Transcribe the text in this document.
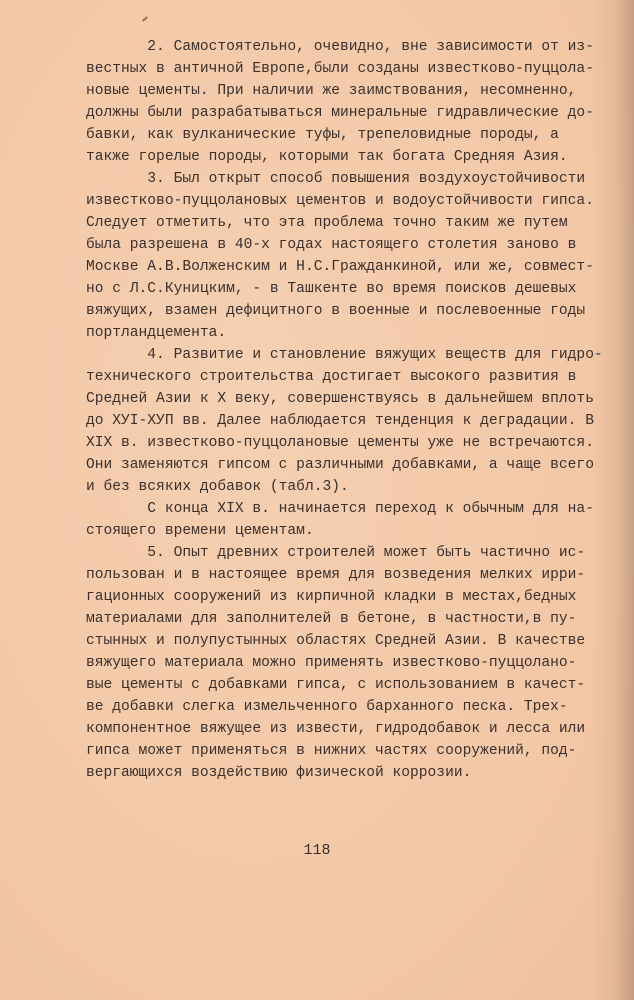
2. Самостоятельно, очевидно, вне зависимости от из-
вестных в античной Европе,были созданы известково-пуццола-
новые цементы. При наличии же заимствования, несомненно,
должны были разрабатываться минеральные гидравлические до-
бавки, как вулканические туфы, трепеловидные породы, а
также горелые породы, которыми так богата Средняя Азия.
3. Был открыт способ повышения воздухоустойчивости
известково-пуццолановых цементов и водоустойчивости гипса.
Следует отметить, что эта проблема точно таким же путем
была разрешена в 40-х годах настоящего столетия заново в
Москве А.В.Волженским и Н.С.Гражданкиной, или же, совмест-
но с Л.С.Куницким, - в Ташкенте во время поисков дешевых
вяжущих, взамен дефицитного в военные и послевоенные годы
портландцемента.
4. Развитие и становление вяжущих веществ для гидро-
технического строительства достигает высокого развития в
Средней Азии к X веку, совершенствуясь в дальнейшем вплоть
до ХУI-ХУП вв. Далее наблюдается тенденция к деградации. В
XIX в. известково-пуццолановые цементы уже не встречаются.
Они заменяются гипсом с различными добавками, а чаще всего
и без всяких добавок (табл.3).
С конца XIX в. начинается переход к обычным для на-
стоящего времени цементам.
5. Опыт древних строителей может быть частично ис-
пользован и в настоящее время для возведения мелких ирри-
гационных сооружений из кирпичной кладки в местах,бедных
материалами для заполнителей в бетоне, в частности,в пу-
стынных и полупустынных областях Средней Азии. В качестве
вяжущего материала можно применять известково-пуццолано-
вые цементы с добавками гипса, с использованием в качест-
ве добавки слегка измельченного барханного песка. Трех-
компонентное вяжущее из извести, гидродобавок и лесса или
гипса может применяться в нижних частях сооружений, под-
вергающихся воздействию физической коррозии.
118
